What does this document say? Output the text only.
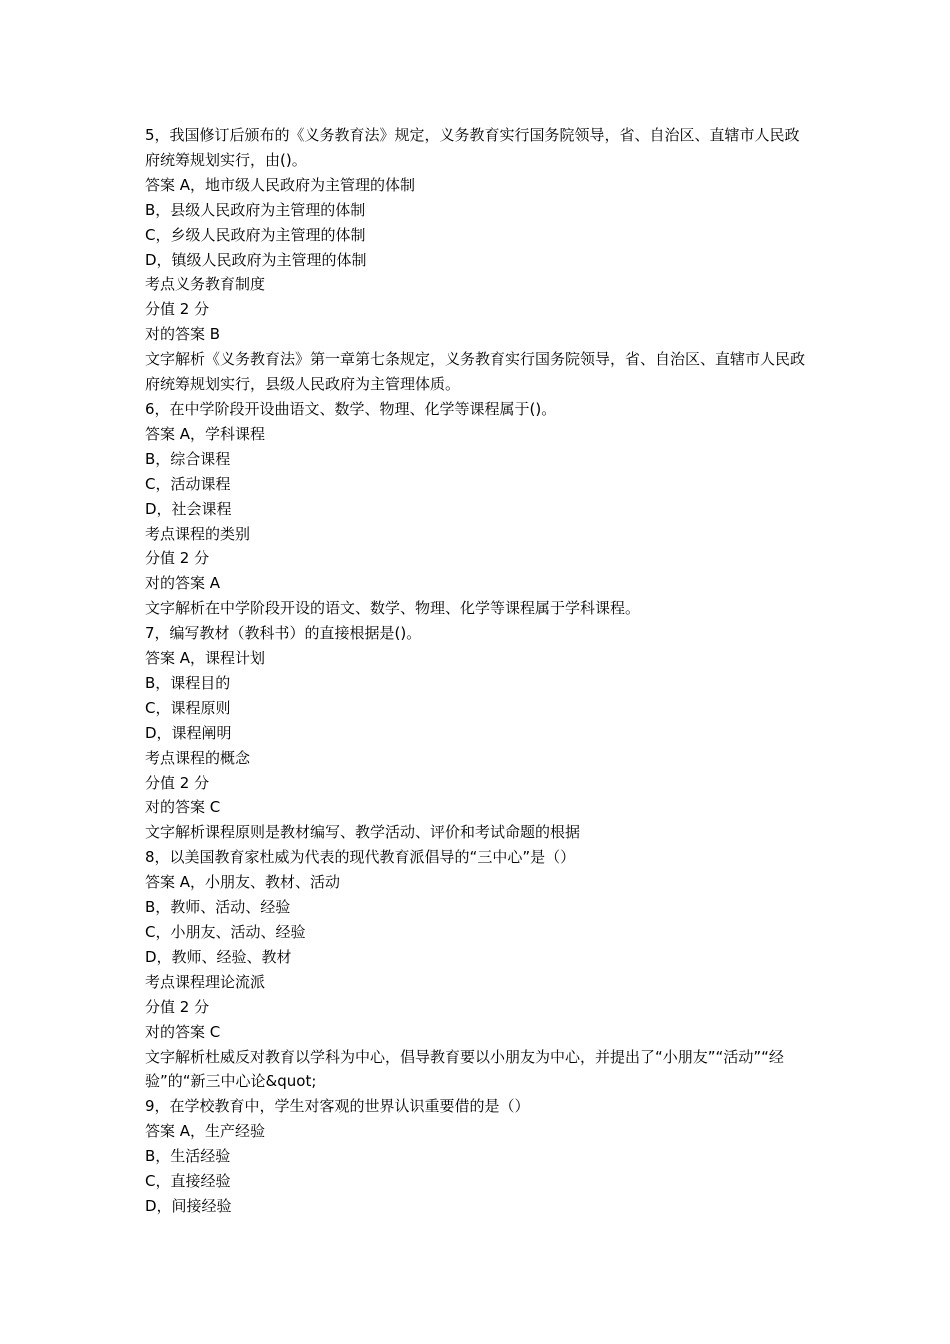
5，我国修订后颁布的《义务教育法》规定，义务教育实行国务院领导，省、自治区、直辖市人民政府统筹规划实行，由()。
答案 A，地市级人民政府为主管理的体制
B，县级人民政府为主管理的体制
C，乡级人民政府为主管理的体制
D，镇级人民政府为主管理的体制
考点义务教育制度
分值 2 分
对的答案 B
文字解析《义务教育法》第一章第七条规定，义务教育实行国务院领导，省、自治区、直辖市人民政府统筹规划实行，县级人民政府为主管理体质。
6，在中学阶段开设曲语文、数学、物理、化学等课程属于()。
答案 A，学科课程
B，综合课程
C，活动课程
D，社会课程
考点课程的类别
分值 2 分
对的答案 A
文字解析在中学阶段开设的语文、数学、物理、化学等课程属于学科课程。
7，编写教材（教科书）的直接根据是()。
答案 A，课程计划
B，课程目的
C，课程原则
D，课程阐明
考点课程的概念
分值 2 分
对的答案 C
文字解析课程原则是教材编写、教学活动、评价和考试命题的根据
8，以美国教育家杜威为代表的现代教育派倡导的“三中心”是（）
答案 A，小朋友、教材、活动
B，教师、活动、经验
C，小朋友、活动、经验
D，教师、经验、教材
考点课程理论流派
分值 2 分
对的答案 C
文字解析杜威反对教育以学科为中心，倡导教育要以小朋友为中心，并提出了“小朋友”“活动”“经验”的“新三中心论&quot;
9，在学校教育中，学生对客观的世界认识重要借的是（）
答案 A，生产经验
B，生活经验
C，直接经验
D，间接经验
